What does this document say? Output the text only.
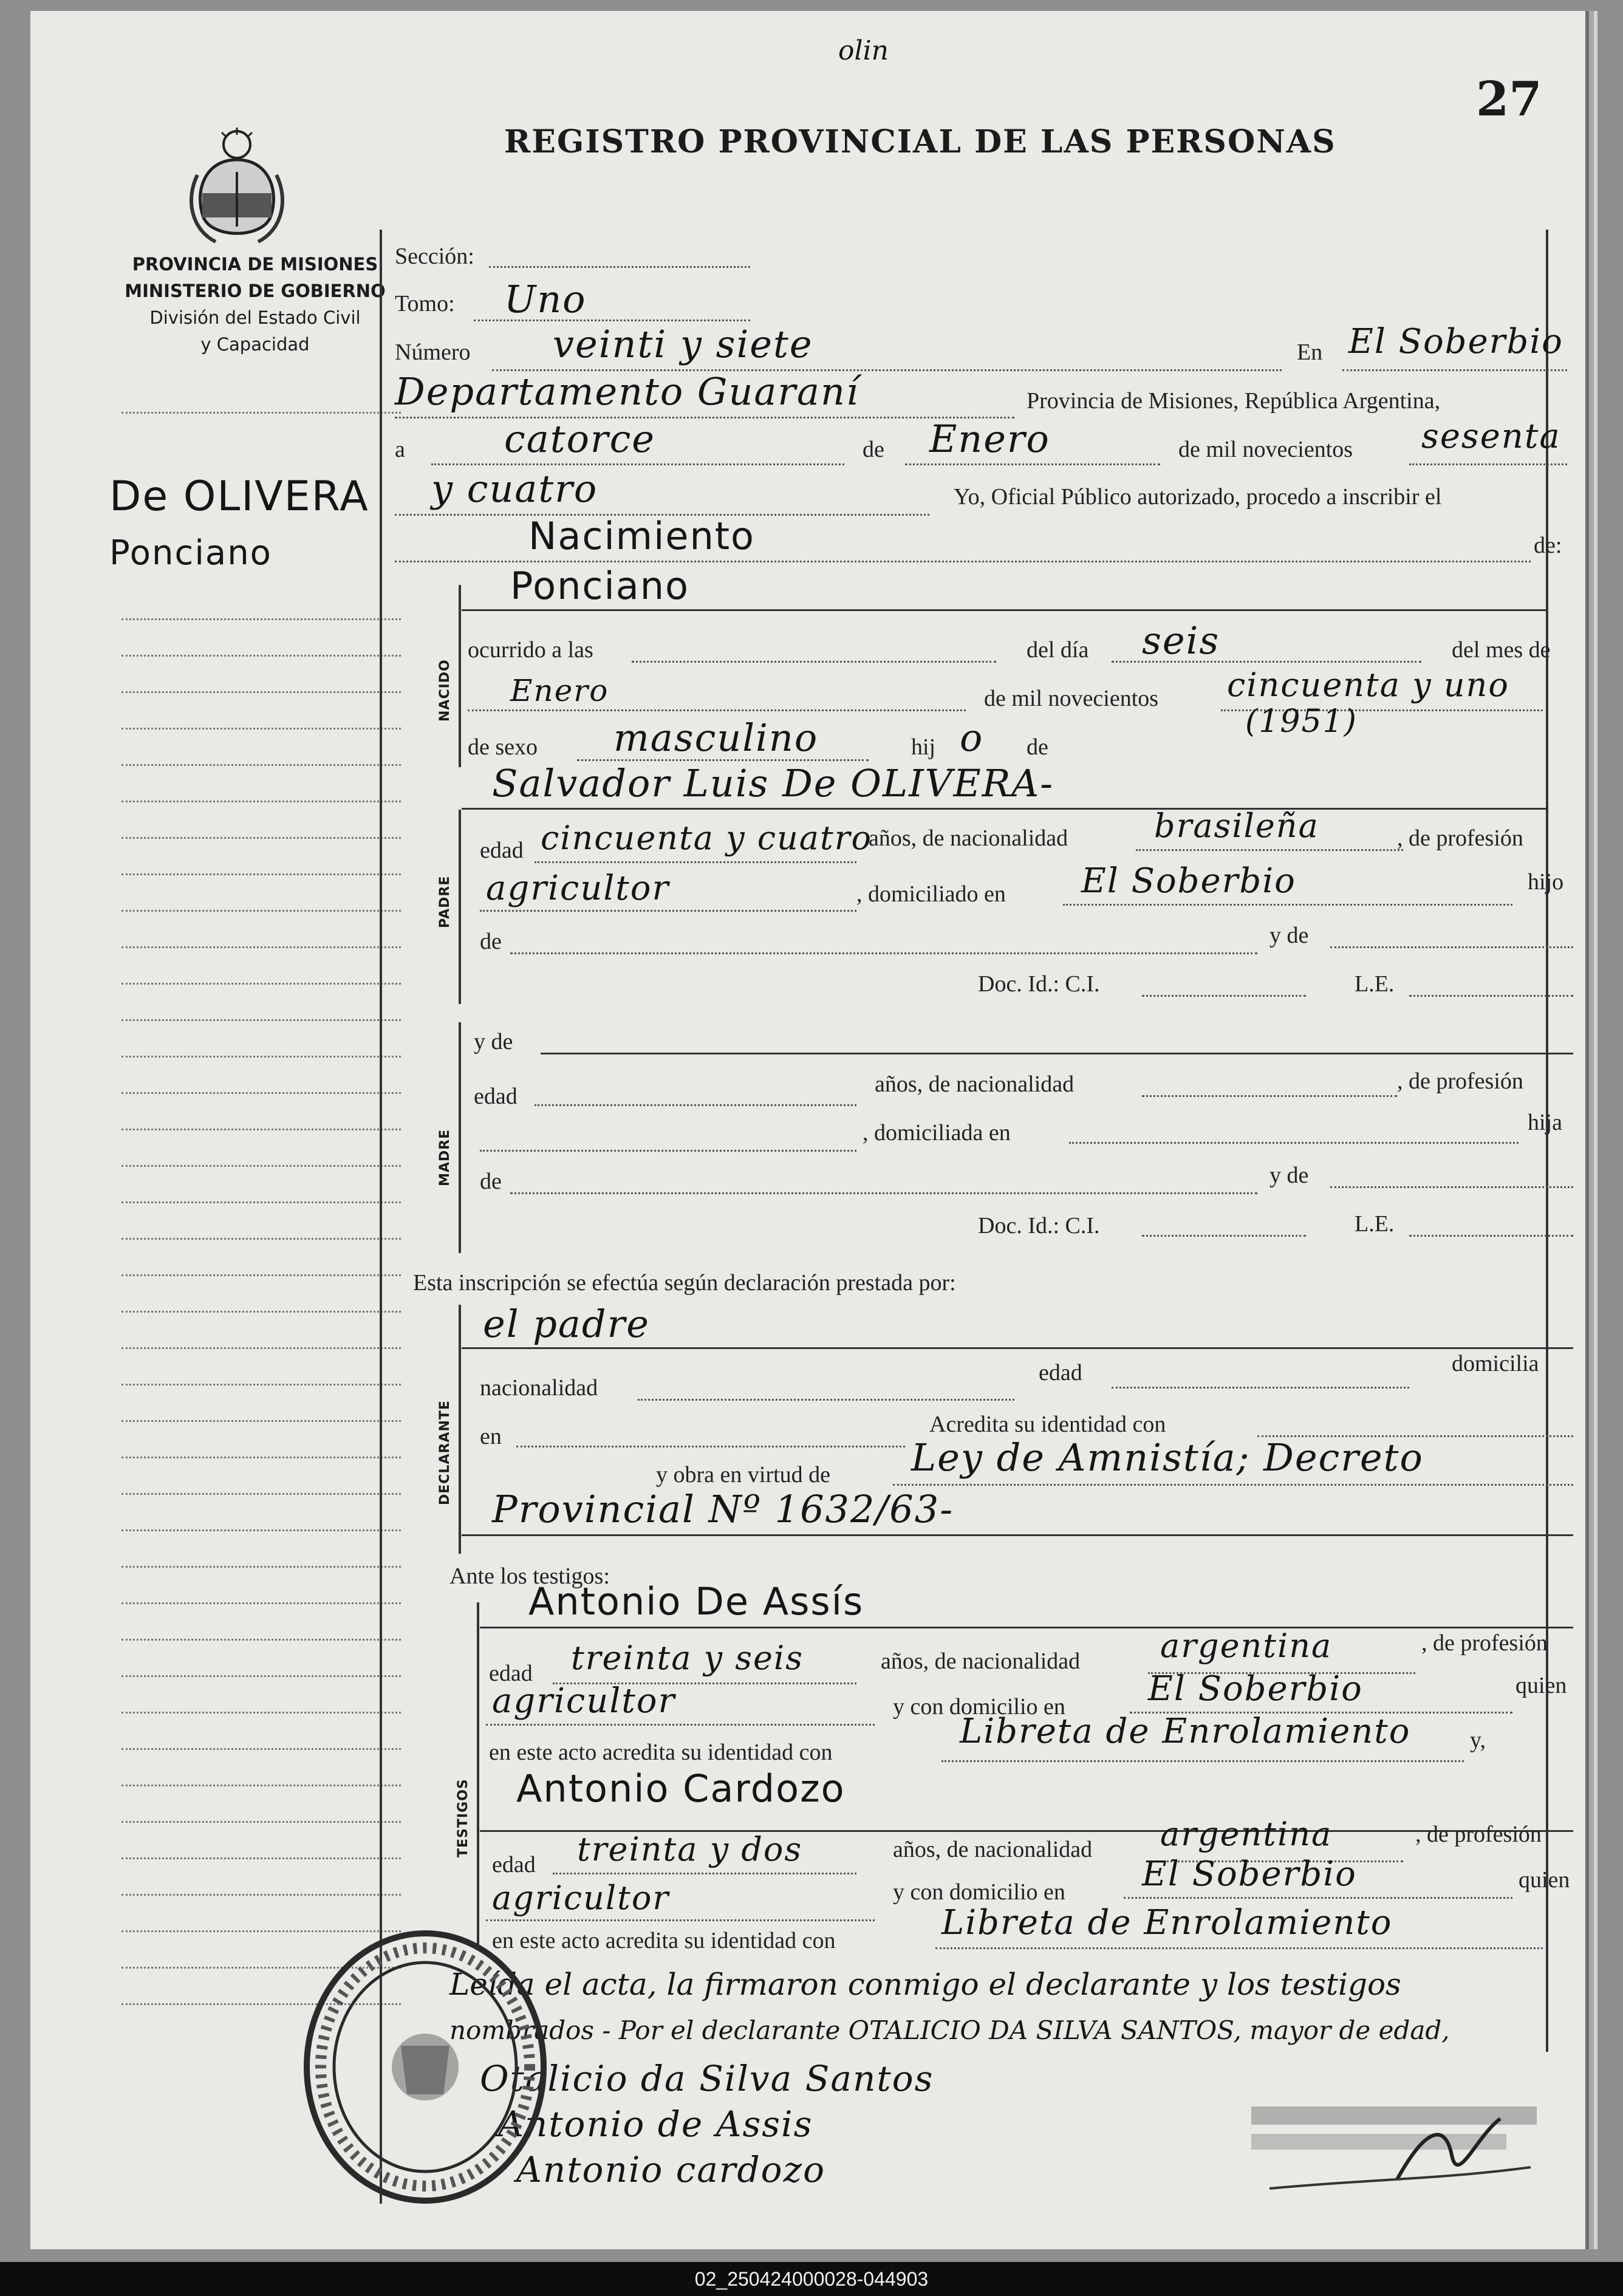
27
olin
PROVINCIA DE MISIONES
MINISTERIO DE GOBIERNO
División del Estado Civil
y Capacidad
REGISTRO PROVINCIAL DE LAS PERSONAS
De OLIVERA
Ponciano
Sección:
Tomo: Uno
Número veinti y siete	En El Soberbio
Departamento Guaraní	Provincia de Misiones, República Argentina,
a	catorce	de Enero	de mil novecientos sesenta
y cuatro	Yo, Oficial Público autorizado, procedo a inscribir el
Nacimiento	de:
NACIDO
Ponciano
ocurrido a las	del día seis	del mes de
Enero	de mil novecientos cincuenta y uno
(1951)
de sexo masculino	hij o de
Salvador Luis De OLIVERA-
PADRE
edad cincuenta y cuatro
años, de nacionalidad	brasileña	, de profesión
agricultor	, domiciliado en El Soberbio	hijo
de	y de
Doc. Id.: C.I.	L.E.
MADRE
y de
edad	años, de nacionalidad	, de profesión
, domiciliada en	hija
de	y de
Doc. Id.: C.I.	L.E.
Esta inscripción se efectúa según declaración prestada por:
DECLARANTE
el padre
nacionalidad
edad	domicilia
en	Acredita su identidad con
y obra en virtud de Ley de Amnistía; Decreto
Provincial Nº 1632/63-
Ante los testigos:
TESTIGOS
Antonio De Assís
edad treinta y seis	años, de nacionalidad argentina	, de profesión
agricultor	y con domicilio en El Soberbio	quien
en este acto acredita su identidad con
Libreta de Enrolamiento	y,
Antonio Cardozo
edad treinta y dos	años, de nacionalidad argentina	, de profesión
agricultor	y con domicilio en El Soberbio	quien
en este acto acredita su identidad con	Libreta de Enrolamiento
Leída el acta, la firmaron conmigo el declarante y los testigos
nombrados - Por el declarante OTALICIO DA SILVA SANTOS, mayor de edad,
Otalicio da Silva Santos
Antonio de Assis
Antonio cardozo
02_250424000028-044903
